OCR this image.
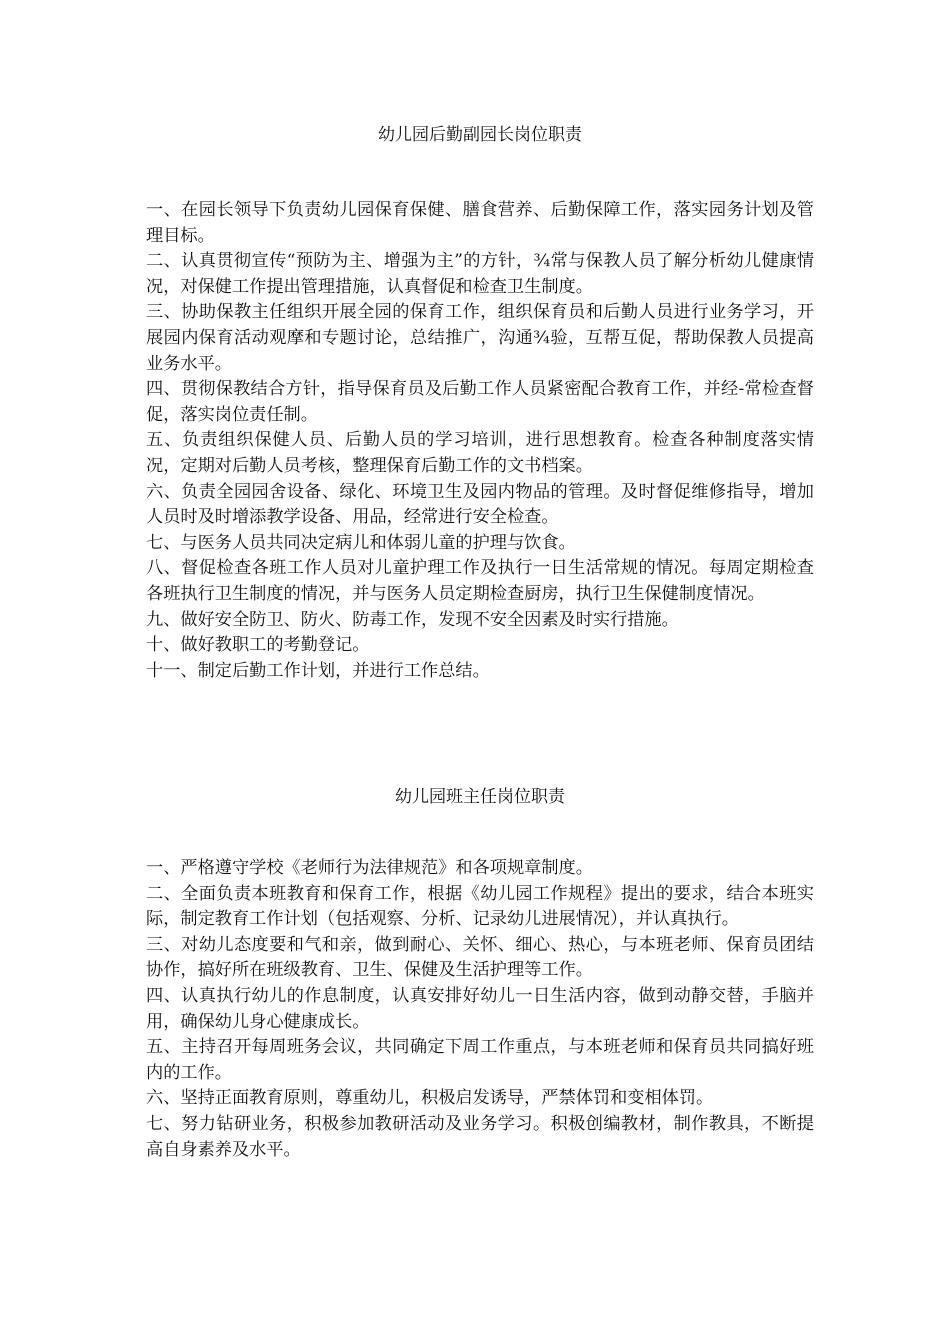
幼儿园后勤副园长岗位职责

一、在园长领导下负责幼儿园保育保健、膳食营养、后勤保障工作，落实园务计划及管理目标。

二、认真贯彻宣传“预防为主、增强为主”的方针，¾常与保教人员了解分析幼儿健康情况，对保健工作提出管理措施，认真督促和检查卫生制度。

三、协助保教主任组织开展全园的保育工作，组织保育员和后勤人员进行业务学习，开展园内保育活动观摩和专题讨论，总结推广，沟通¾验，互帮互促，帮助保教人员提高业务水平。

四、贯彻保教结合方针，指导保育员及后勤工作人员紧密配合教育工作，并经-常检查督促，落实岗位责任制。

五、负责组织保健人员、后勤人员的学习培训，进行思想教育。检查各种制度落实情况，定期对后勤人员考核，整理保育后勤工作的文书档案。

六、负责全园园舍设备、绿化、环境卫生及园内物品的管理。及时督促维修指导，增加人员时及时增添教学设备、用品，经常进行安全检查。

七、与医务人员共同决定病儿和体弱儿童的护理与饮食。

八、督促检查各班工作人员对儿童护理工作及执行一日生活常规的情况。每周定期检查各班执行卫生制度的情况，并与医务人员定期检查厨房，执行卫生保健制度情况。

九、做好安全防卫、防火、防毒工作，发现不安全因素及时实行措施。

十、做好教职工的考勤登记。

十一、制定后勤工作计划，并进行工作总结。

幼儿园班主任岗位职责

一、严格遵守学校《老师行为法律规范》和各项规章制度。

二、全面负责本班教育和保育工作，根据《幼儿园工作规程》提出的要求，结合本班实际，制定教育工作计划（包括观察、分析、记录幼儿进展情况），并认真执行。

三、对幼儿态度要和气和亲，做到耐心、关怀、细心、热心，与本班老师、保育员团结协作，搞好所在班级教育、卫生、保健及生活护理等工作。

四、认真执行幼儿的作息制度，认真安排好幼儿一日生活内容，做到动静交替，手脑并用，确保幼儿身心健康成长。

五、主持召开每周班务会议，共同确定下周工作重点，与本班老师和保育员共同搞好班内的工作。

六、坚持正面教育原则，尊重幼儿，积极启发诱导，严禁体罚和变相体罚。

七、努力钻研业务，积极参加教研活动及业务学习。积极创编教材，制作教具，不断提高自身素养及水平。
